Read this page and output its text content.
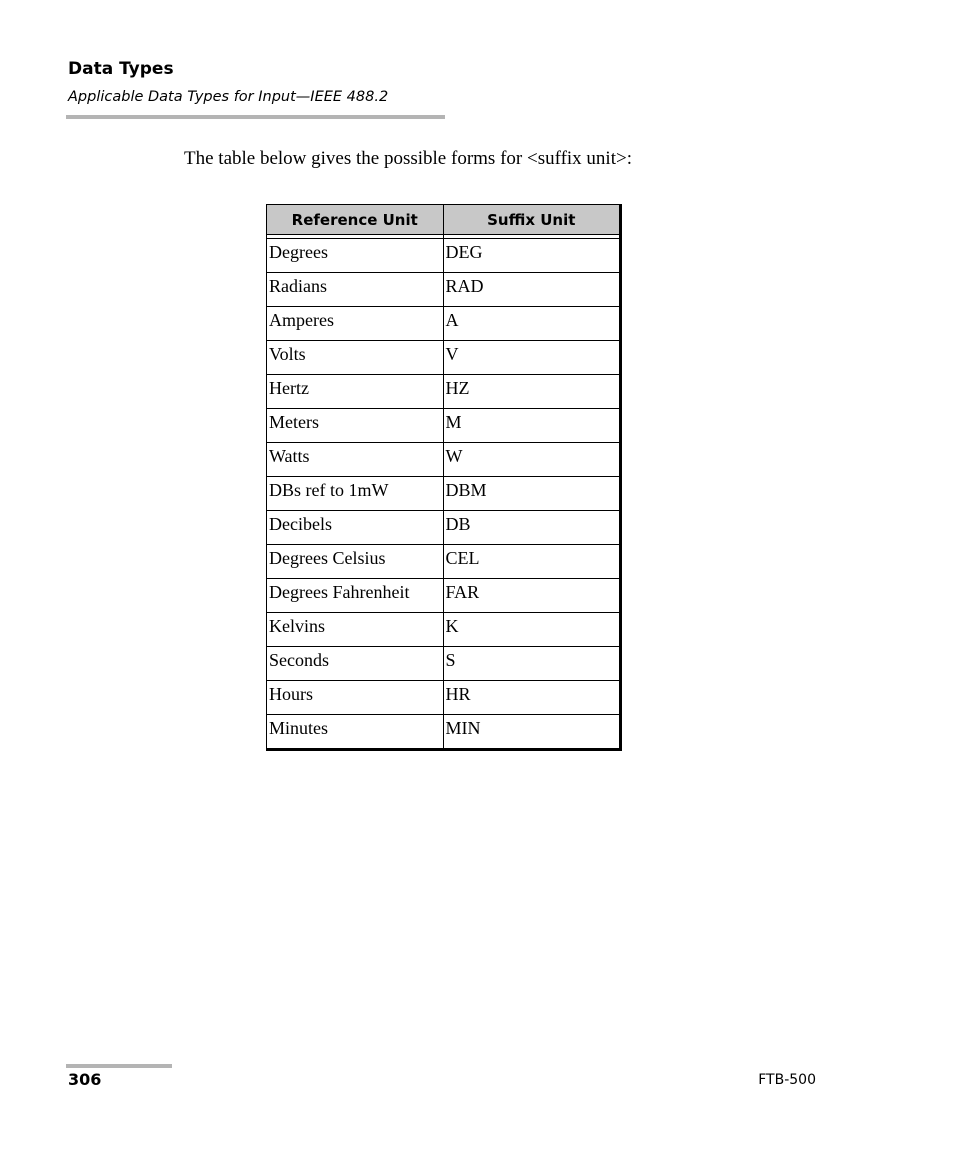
Data Types
Applicable Data Types for Input—IEEE 488.2
The table below gives the possible forms for <suffix unit>:
Reference Unit	Suffix Unit

Degrees	DEG

Radians	RAD

Amperes	A

Volts	V

Hertz	HZ

Meters	M

Watts	W

DBs ref to 1mW	DBM

Decibels	DB

Degrees Celsius	CEL

Degrees Fahrenheit	FAR

Kelvins	K

Seconds	S

Hours	HR

Minutes	MIN
306	FTB-500
